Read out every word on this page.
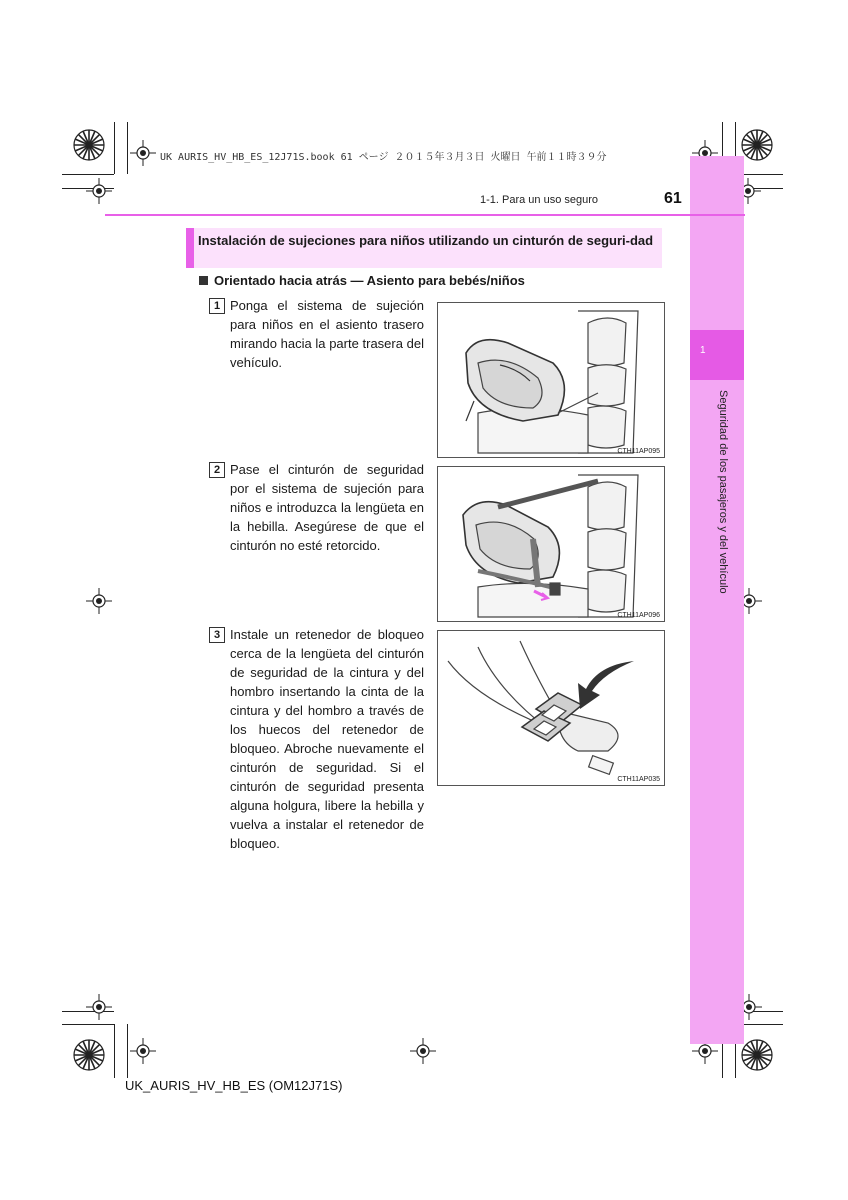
UK AURIS_HV_HB_ES_12J71S.book 61 ページ ２０１５年３月３日 火曜日 午前１１時３９分
1
Seguridad de los pasajeros y del vehículo
1-1. Para un uso seguro	61
Instalación de sujeciones para niños utilizando un cinturón de seguri-dad
Orientado hacia atrás — Asiento para bebés/niños
1 Ponga el sistema de sujeción para niños en el asiento trasero mirando hacia la parte trasera del vehículo.
CTH11AP095
2 Pase el cinturón de seguridad por el sistema de sujeción para niños e introduzca la lengüeta en la hebilla. Asegúrese de que el cinturón no esté retorcido.
CTH11AP096
3 Instale un retenedor de bloqueo cerca de la lengüeta del cinturón de seguridad de la cintura y del hombro insertando la cinta de la cintura y del hombro a través de los huecos del retenedor de bloqueo. Abroche nuevamente el cinturón de seguridad. Si el cinturón de seguridad presenta alguna holgura, libere la hebilla y vuelva a instalar el retenedor de bloqueo.
CTH11AP035
UK_AURIS_HV_HB_ES (OM12J71S)
